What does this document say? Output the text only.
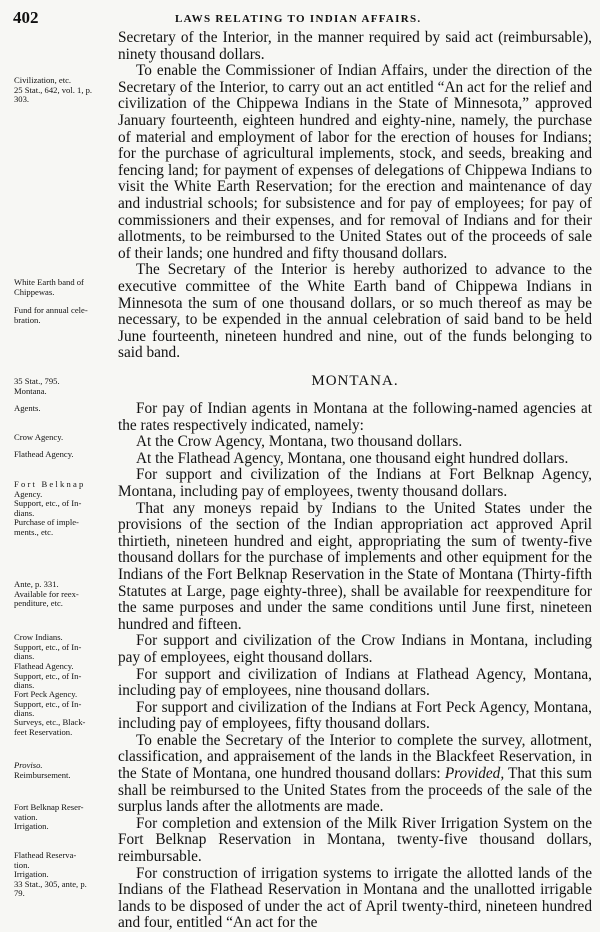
402	LAWS RELATING TO INDIAN AFFAIRS.
Civilization, etc.
25 Stat., 642, vol. 1, p.
303.
White Earth band of
Chippewas.
Fund for annual cele-
bration.
35 Stat., 795.
Montana.
Agents.
Crow Agency.
Flathead Agency.
Fort Belknap
Agency.
Support, etc., of In-
dians.
Purchase of imple-
ments., etc.
Ante, p. 331.
Available for reex-
penditure, etc.
Crow Indians.
Support, etc., of In-
dians.
Flathead Agency.
Support, etc., of In-
dians.
Fort Peck Agency.
Support, etc., of In-
dians.
Surveys, etc., Black-
feet Reservation.
Proviso.
Reimbursement.
Fort Belknap Reser-
vation.
Irrigation.
Flathead Reserva-
tion.
Irrigation.
33 Stat., 305, ante, p.
79.

Secretary of the Interior, in the manner required by said act (reimbursable), ninety thousand dollars.

To enable the Commissioner of Indian Affairs, under the direction of the Secretary of the Interior, to carry out an act entitled “An act for the relief and civilization of the Chippewa Indians in the State of Minnesota,” approved January fourteenth, eighteen hundred and eighty-nine, namely, the purchase of material and employment of labor for the erection of houses for Indians; for the purchase of agricultural implements, stock, and seeds, breaking and fencing land; for payment of expenses of delegations of Chippewa Indians to visit the White Earth Reservation; for the erection and maintenance of day and industrial schools; for subsistence and for pay of employees; for pay of commissioners and their expenses, and for removal of Indians and for their allotments, to be reimbursed to the United States out of the proceeds of sale of their lands; one hundred and fifty thousand dollars.

The Secretary of the Interior is hereby authorized to advance to the executive committee of the White Earth band of Chippewa Indians in Minnesota the sum of one thousand dollars, or so much thereof as may be necessary, to be expended in the annual celebration of said band to be held June fourteenth, nineteen hundred and nine, out of the funds belonging to said band.

MONTANA.

For pay of Indian agents in Montana at the following-named agencies at the rates respectively indicated, namely:

At the Crow Agency, Montana, two thousand dollars.

At the Flathead Agency, Montana, one thousand eight hundred dollars.

For support and civilization of the Indians at Fort Belknap Agency, Montana, including pay of employees, twenty thousand dollars.

That any moneys repaid by Indians to the United States under the provisions of the section of the Indian appropriation act approved April thirtieth, nineteen hundred and eight, appropriating the sum of twenty-five thousand dollars for the purchase of implements and other equipment for the Indians of the Fort Belknap Reservation in the State of Montana (Thirty-fifth Statutes at Large, page eighty-three), shall be available for reexpenditure for the same purposes and under the same conditions until June first, nineteen hundred and fifteen.

For support and civilization of the Crow Indians in Montana, including pay of employees, eight thousand dollars.

For support and civilization of Indians at Flathead Agency, Montana, including pay of employees, nine thousand dollars.

For support and civilization of the Indians at Fort Peck Agency, Montana, including pay of employees, fifty thousand dollars.

To enable the Secretary of the Interior to complete the survey, allotment, classification, and appraisement of the lands in the Blackfeet Reservation, in the State of Montana, one hundred thousand dollars: Provided, That this sum shall be reimbursed to the United States from the proceeds of the sale of the surplus lands after the allotments are made.

For completion and extension of the Milk River Irrigation System on the Fort Belknap Reservation in Montana, twenty-five thousand dollars, reimbursable.

For construction of irrigation systems to irrigate the allotted lands of the Indians of the Flathead Reservation in Montana and the unallotted irrigable lands to be disposed of under the act of April twenty-third, nineteen hundred and four, entitled “An act for the
